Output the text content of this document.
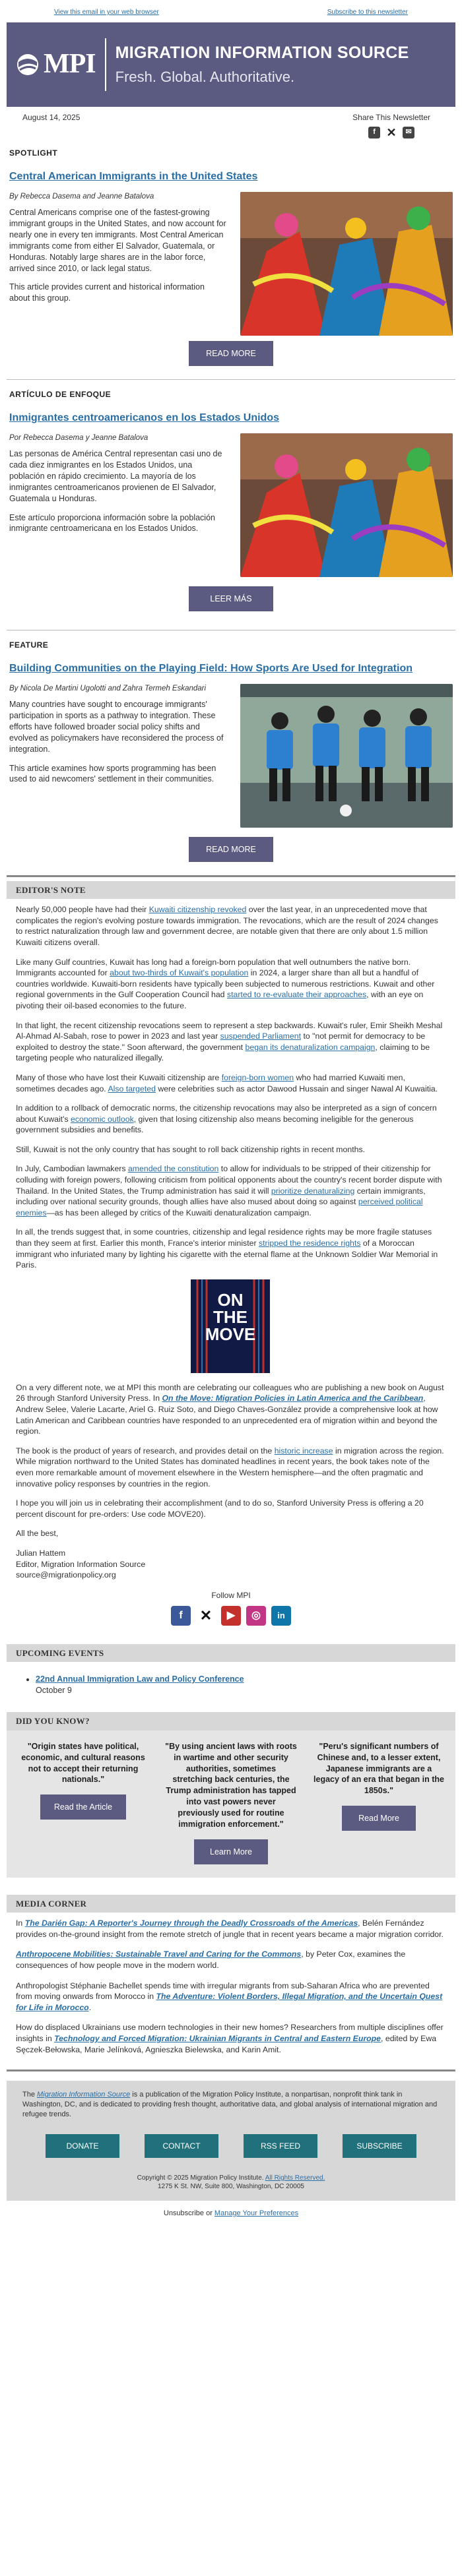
View this email in your web browser	Subscribe to this newsletter
MPI MIGRATION INFORMATION SOURCE
Fresh. Global. Authoritative.
August 14, 2025	Share This Newsletter
f ✕	✉
SPOTLIGHT
Central American Immigrants in the United States
By Rebecca Dasema and Jeanne Batalova

Central Americans comprise one of the fastest-growing immigrant groups in the United States, and now account for nearly one in every ten immigrants. Most Central American immigrants come from either El Salvador, Guatemala, or Honduras. Notably large shares are in the labor force, arrived since 2010, or lack legal status.

This article provides current and historical information about this group.

READ MORE
ARTÍCULO DE ENFOQUE
Inmigrantes centroamericanos en los Estados Unidos
Por Rebecca Dasema y Jeanne Batalova

Las personas de América Central representan casi uno de cada diez inmigrantes en los Estados Unidos, una población en rápido crecimiento. La mayoría de los inmigrantes centroamericanos provienen de El Salvador, Guatemala u Honduras.

Este artículo proporciona información sobre la población inmigrante centroamericana en los Estados Unidos.

LEER MÁS
FEATURE
Building Communities on the Playing Field: How Sports Are Used for Integration
By Nicola De Martini Ugolotti and Zahra Termeh Eskandari

Many countries have sought to encourage immigrants' participation in sports as a pathway to integration. These efforts have followed broader social policy shifts and evolved as policymakers have reconsidered the process of integration.

This article examines how sports programming has been used to aid newcomers' settlement in their communities.

READ MORE
EDITOR'S NOTE

Nearly 50,000 people have had their Kuwaiti citizenship revoked over the last year, in an unprecedented move that complicates the region's evolving posture towards immigration. The revocations, which are the result of 2024 changes to restrict naturalization through law and government decree, are notable given that there are only about 1.5 million Kuwaiti citizens overall.

Like many Gulf countries, Kuwait has long had a foreign-born population that well outnumbers the native born. Immigrants accounted for about two-thirds of Kuwait's population in 2024, a larger share than all but a handful of countries worldwide. Kuwaiti-born residents have typically been subjected to numerous restrictions. Kuwait and other regional governments in the Gulf Cooperation Council had started to re-evaluate their approaches, with an eye on pivoting their oil-based economies to the future.

In that light, the recent citizenship revocations seem to represent a step backwards. Kuwait's ruler, Emir Sheikh Meshal Al-Ahmad Al-Sabah, rose to power in 2023 and last year suspended Parliament to "not permit for democracy to be exploited to destroy the state." Soon afterward, the government began its denaturalization campaign, claiming to be targeting people who naturalized illegally.

Many of those who have lost their Kuwaiti citizenship are foreign-born women who had married Kuwaiti men, sometimes decades ago. Also targeted were celebrities such as actor Dawood Hussain and singer Nawal Al Kuwaitia.

In addition to a rollback of democratic norms, the citizenship revocations may also be interpreted as a sign of concern about Kuwait's economic outlook, given that losing citizenship also means becoming ineligible for the generous government subsidies and benefits.

Still, Kuwait is not the only country that has sought to roll back citizenship rights in recent months.

In July, Cambodian lawmakers amended the constitution to allow for individuals to be stripped of their citizenship for colluding with foreign powers, following criticism from political opponents about the country's recent border dispute with Thailand. In the United States, the Trump administration has said it will prioritize denaturalizing certain immigrants, including over national security grounds, though allies have also mused about doing so against perceived political enemies—as has been alleged by critics of the Kuwaiti denaturalization campaign.

In all, the trends suggest that, in some countries, citizenship and legal residence rights may be more fragile statuses than they seem at first. Earlier this month, France's interior minister stripped the residence rights of a Moroccan immigrant who infuriated many by lighting his cigarette with the eternal flame at the Unknown Soldier War Memorial in Paris.

ON
THE
MOVE

On a very different note, we at MPI this month are celebrating our colleagues who are publishing a new book on August 26 through Stanford University Press. In On the Move: Migration Policies in Latin America and the Caribbean, Andrew Selee, Valerie Lacarte, Ariel G. Ruiz Soto, and Diego Chaves-González provide a comprehensive look at how Latin American and Caribbean countries have responded to an unprecedented era of migration within and beyond the region.

The book is the product of years of research, and provides detail on the historic increase in migration across the region. While migration northward to the United States has dominated headlines in recent years, the book takes note of the even more remarkable amount of movement elsewhere in the Western hemisphere—and the often pragmatic and innovative policy responses by countries in the region.

I hope you will join us in celebrating their accomplishment (and to do so, Stanford University Press is offering a 20 percent discount for pre-orders: Use code MOVE20).

All the best,

Julian Hattem
Editor, Migration Information Source
source@migrationpolicy.org
Follow MPI
f	✕	▶	◎	in
UPCOMING EVENTS
• 22nd Annual Immigration Law and Policy Conference
October 9
DID YOU KNOW?
"Origin states have political, economic, and cultural reasons not to accept their returning nationals."
Read the Article
"By using ancient laws with roots in wartime and other security authorities, sometimes stretching back centuries, the Trump administration has tapped into vast powers never previously used for routine immigration enforcement."
Learn More
"Peru's significant numbers of Chinese and, to a lesser extent, Japanese immigrants are a legacy of an era that began in the 1850s."
Read More
MEDIA CORNER

In The Darién Gap: A Reporter's Journey through the Deadly Crossroads of the Americas, Belén Fernández provides on-the-ground insight from the remote stretch of jungle that in recent years became a major migration corridor.

Anthropocene Mobilities: Sustainable Travel and Caring for the Commons, by Peter Cox, examines the consequences of how people move in the modern world.

Anthropologist Stéphanie Bachellet spends time with irregular migrants from sub-Saharan Africa who are prevented from moving onwards from Morocco in The Adventure: Violent Borders, Illegal Migration, and the Uncertain Quest for Life in Morocco.

How do displaced Ukrainians use modern technologies in their new homes? Researchers from multiple disciplines offer insights in Technology and Forced Migration: Ukrainian Migrants in Central and Eastern Europe, edited by Ewa Sęczek-Bełowska, Marie Jelínková, Agnieszka Bielewska, and Karin Amit.

The Migration Information Source is a publication of the Migration Policy Institute, a nonpartisan, nonprofit think tank in Washington, DC, and is dedicated to providing fresh thought, authoritative data, and global analysis of international migration and refugee trends.
DONATE	CONTACT	RSS FEED	SUBSCRIBE
Copyright © 2025 Migration Policy Institute. All Rights Reserved.
1275 K St. NW, Suite 800, Washington, DC 20005
Unsubscribe or Manage Your Preferences
